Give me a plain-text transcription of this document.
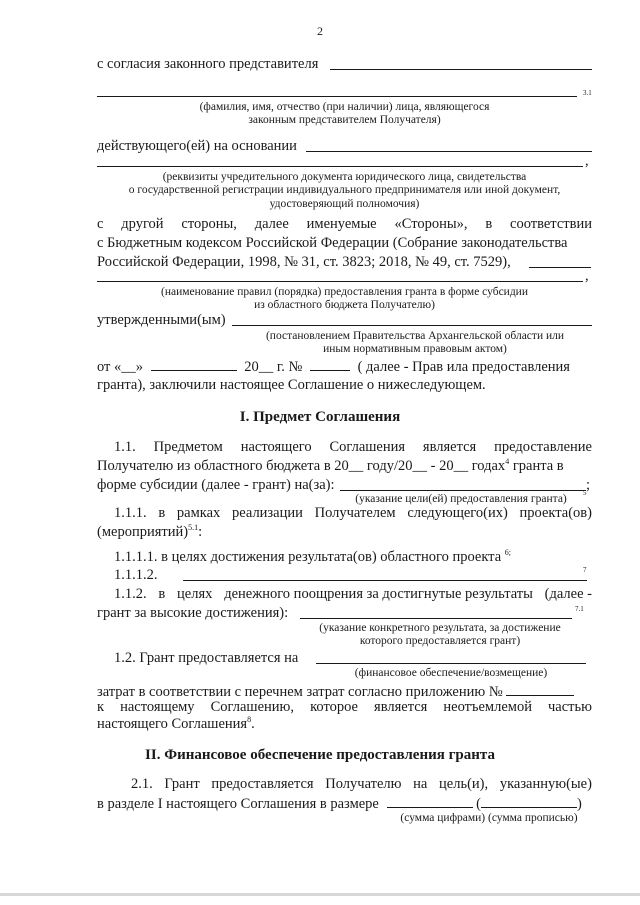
2
с согласия законного представителя
3.1
(фамилия, имя, отчество (при наличии) лица, являющегося
законным представителем Получателя)
действующего(ей) на основании
,
(реквизиты учредительного документа юридического лица, свидетельства
о государственной регистрации индивидуального предпринимателя или иной документ,
удостоверяющий полномочия)
с другой стороны, далее именуемые «Стороны», в соответствии
с Бюджетным кодексом Российской Федерации (Собрание законодательства
Российской Федерации, 1998, № 31, ст. 3823; 2018, № 49, ст. 7529),
,
(наименование правил (порядка) предоставления гранта в форме субсидии
из областного бюджета Получателю)
утвержденными(ым)
(постановлением Правительства Архангельской области или
иным нормативным правовым актом)
от «__»	20__ г. №	( далее - Прав ила предоставления
гранта), заключили настоящее Соглашение о нижеследующем.
I. Предмет Соглашения
1.1. Предметом настоящего Соглашения является предоставление
Получателю из областного бюджета в 20__ году/20__ - 20__ годах$^4$ гранта в
форме субсидии (далее - грант) на(за):	;
(указание цели(ей) предоставления гранта)	5
1.1.1. в рамках реализации Получателем следующего(их) проекта(ов)
(мероприятий)$^{5.1}$:
1.1.1.1. в целях достижения результата(ов) областного проекта $^{6;}$
1.1.1.2.	7
1.1.2. в целях денежного поощрения за достигнутые результаты (далее -
грант за высокие достижения):	7.1
(указание конкретного результата, за достижение
которого предоставляется грант)
1.2. Грант предоставляется на
(финансовое обеспечение/возмещение)
затрат в соответствии с перечнем затрат согласно приложению №
к настоящему Соглашению, которое является неотъемлемой частью
настоящего Соглашения$^8$.
II. Финансовое обеспечение предоставления гранта
2.1. Грант предоставляется Получателю на цель(и), указанную(ые)
в разделе I настоящего Соглашения в размере	(	)
(сумма цифрами) (сумма прописью)
